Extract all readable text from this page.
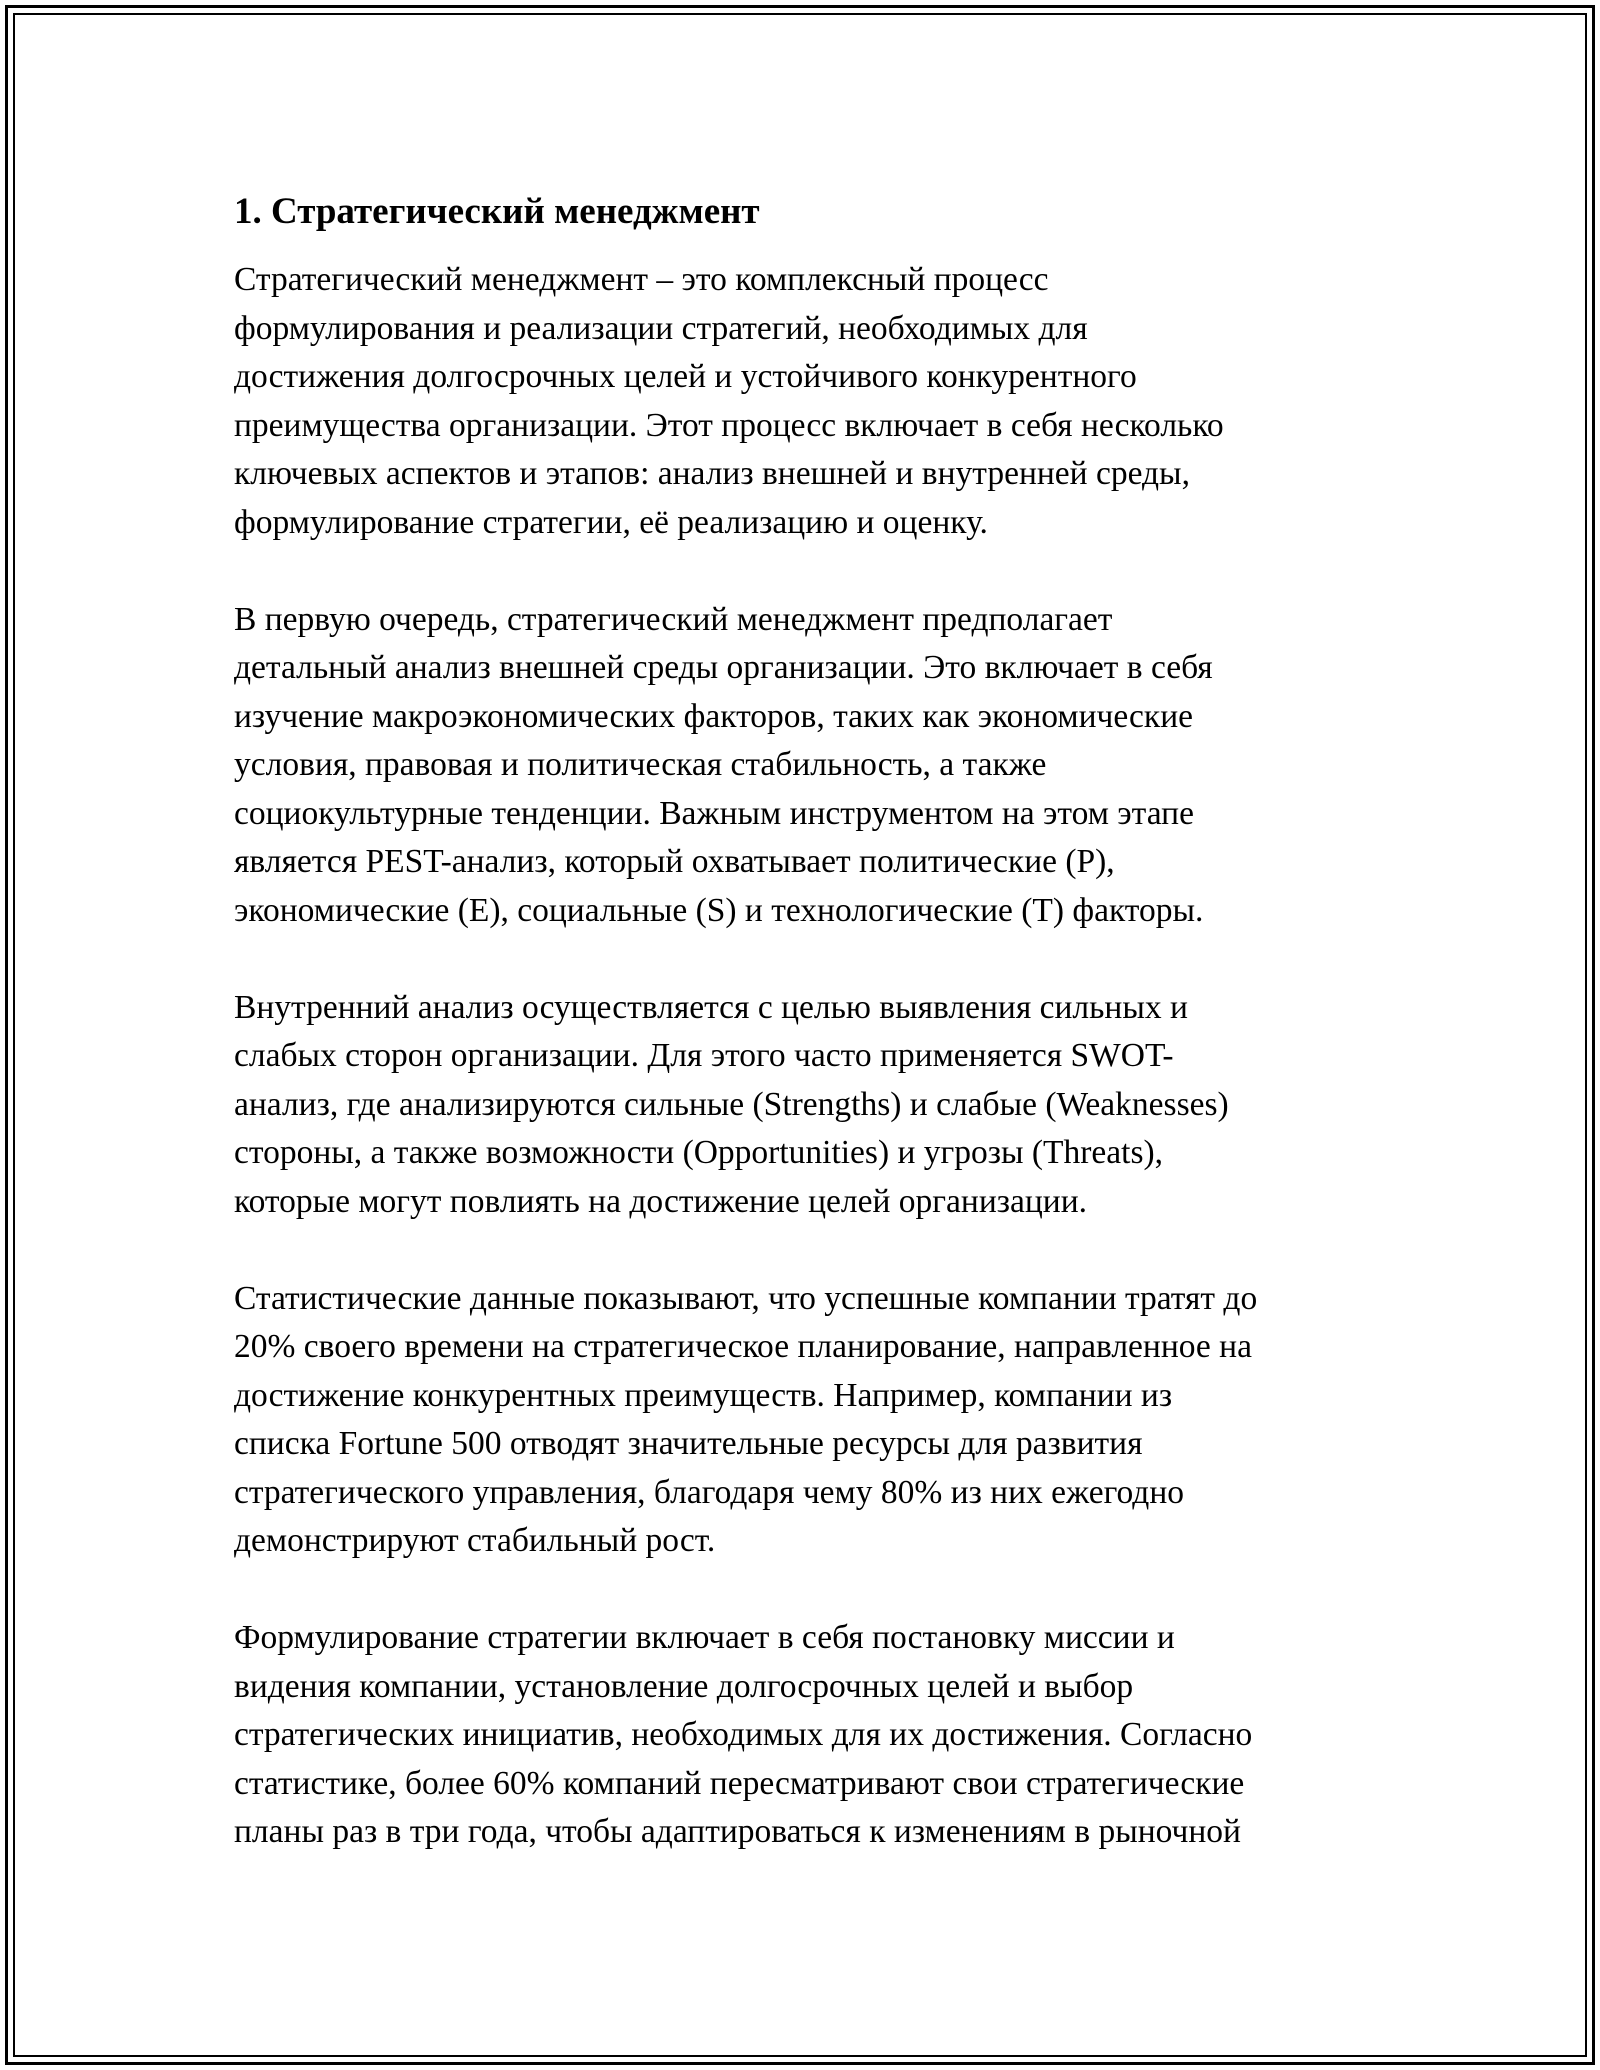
1. Стратегический менеджмент

Стратегический менеджмент – это комплексный процесс
формулирования и реализации стратегий, необходимых для
достижения долгосрочных целей и устойчивого конкурентного
преимущества организации. Этот процесс включает в себя несколько
ключевых аспектов и этапов: анализ внешней и внутренней среды,
формулирование стратегии, её реализацию и оценку.

В первую очередь, стратегический менеджмент предполагает
детальный анализ внешней среды организации. Это включает в себя
изучение макроэкономических факторов, таких как экономические
условия, правовая и политическая стабильность, а также
социокультурные тенденции. Важным инструментом на этом этапе
является PEST-анализ, который охватывает политические (P),
экономические (E), социальные (S) и технологические (T) факторы.

Внутренний анализ осуществляется с целью выявления сильных и
слабых сторон организации. Для этого часто применяется SWOT-
анализ, где анализируются сильные (Strengths) и слабые (Weaknesses)
стороны, а также возможности (Opportunities) и угрозы (Threats),
которые могут повлиять на достижение целей организации.

Статистические данные показывают, что успешные компании тратят до
20% своего времени на стратегическое планирование, направленное на
достижение конкурентных преимуществ. Например, компании из
списка Fortune 500 отводят значительные ресурсы для развития
стратегического управления, благодаря чему 80% из них ежегодно
демонстрируют стабильный рост.

Формулирование стратегии включает в себя постановку миссии и
видения компании, установление долгосрочных целей и выбор
стратегических инициатив, необходимых для их достижения. Согласно
статистике, более 60% компаний пересматривают свои стратегические
планы раз в три года, чтобы адаптироваться к изменениям в рыночной
